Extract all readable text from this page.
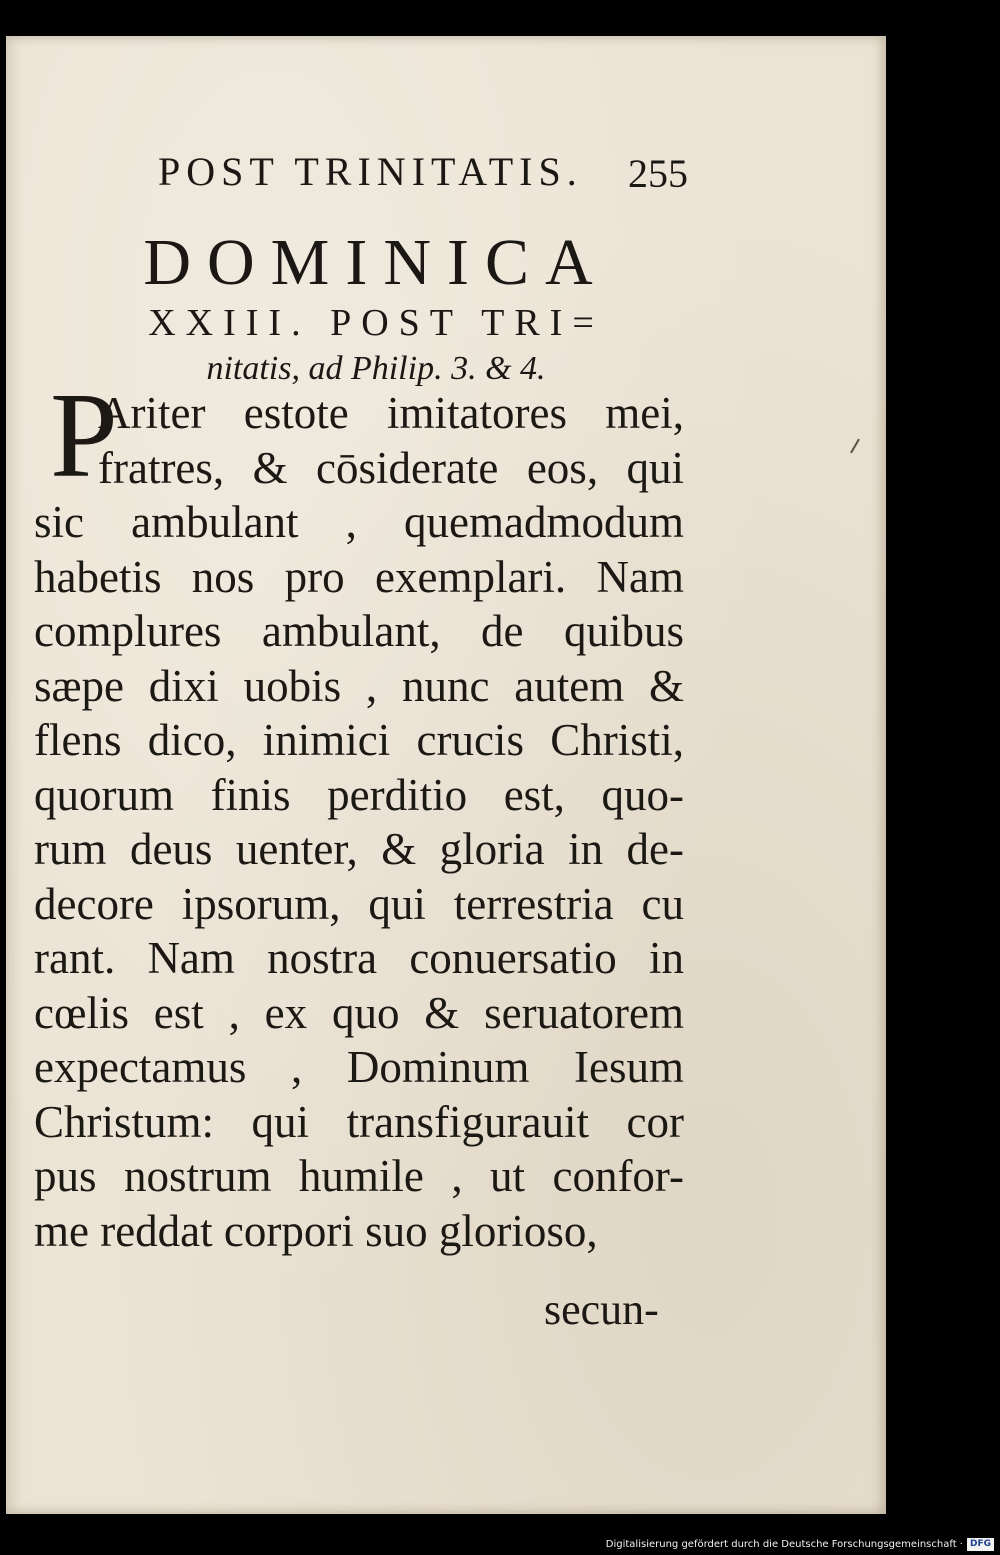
POST TRINITATIS. 255
DOMINICA
XXIII. POST TRI=
nitatis, ad Philip. 3. & 4.
P
Ariter estote imitatores mei,
fratres, & cōsiderate eos, qui
sic ambulant , quemadmodum
habetis nos pro exemplari. Nam
complures ambulant, de quibus
sæpe dixi uobis , nunc autem &
flens dico, inimici crucis Christi,
quorum finis perditio est, quo-
rum deus uenter, & gloria in de-
decore ipsorum, qui terrestria cu
rant. Nam nostra conuersatio in
cœlis est , ex quo & seruatorem
expectamus , Dominum Iesum
Christum: qui transfigurauit cor
pus nostrum humile , ut confor-
me reddat corpori suo glorioso,
secun-
Digitalisierung gefördert durch die Deutsche Forschungsgemeinschaft · DFG
